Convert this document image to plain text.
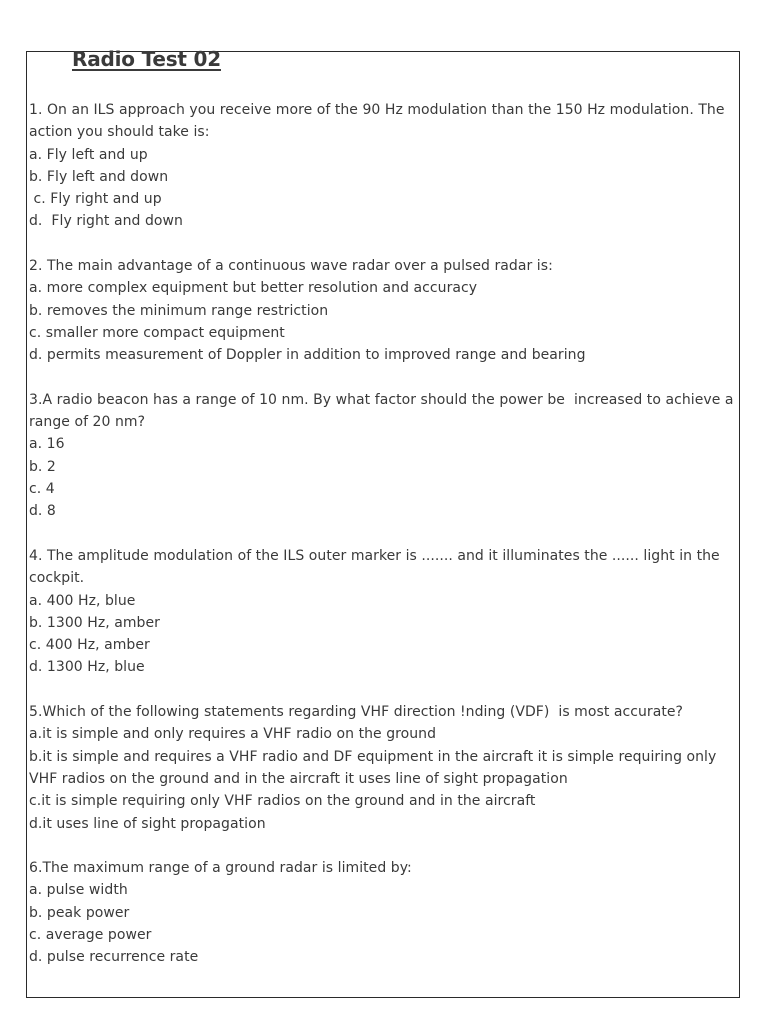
Radio Test 02
1. On an ILS approach you receive more of the 90 Hz modulation than the 150 Hz modulation. The action you should take is:
a. Fly left and up
b. Fly left and down
c. Fly right and up
d.  Fly right and down
2. The main advantage of a continuous wave radar over a pulsed radar is:
a. more complex equipment but better resolution and accuracy
b. removes the minimum range restriction
c. smaller more compact equipment
d. permits measurement of Doppler in addition to improved range and bearing
3.A radio beacon has a range of 10 nm. By what factor should the power be  increased to achieve a range of 20 nm?
a. 16
b. 2
c. 4
d. 8
4. The amplitude modulation of the ILS outer marker is ....... and it illuminates the ...... light in the cockpit.
a. 400 Hz, blue
b. 1300 Hz, amber
c. 400 Hz, amber
d. 1300 Hz, blue
5.Which of the following statements regarding VHF direction !nding (VDF)  is most accurate?
a.it is simple and only requires a VHF radio on the ground
b.it is simple and requires a VHF radio and DF equipment in the aircraft it is simple requiring only VHF radios on the ground and in the aircraft it uses line of sight propagation
c.it is simple requiring only VHF radios on the ground and in the aircraft
d.it uses line of sight propagation
6.The maximum range of a ground radar is limited by:
a. pulse width
b. peak power
c. average power
d. pulse recurrence rate
